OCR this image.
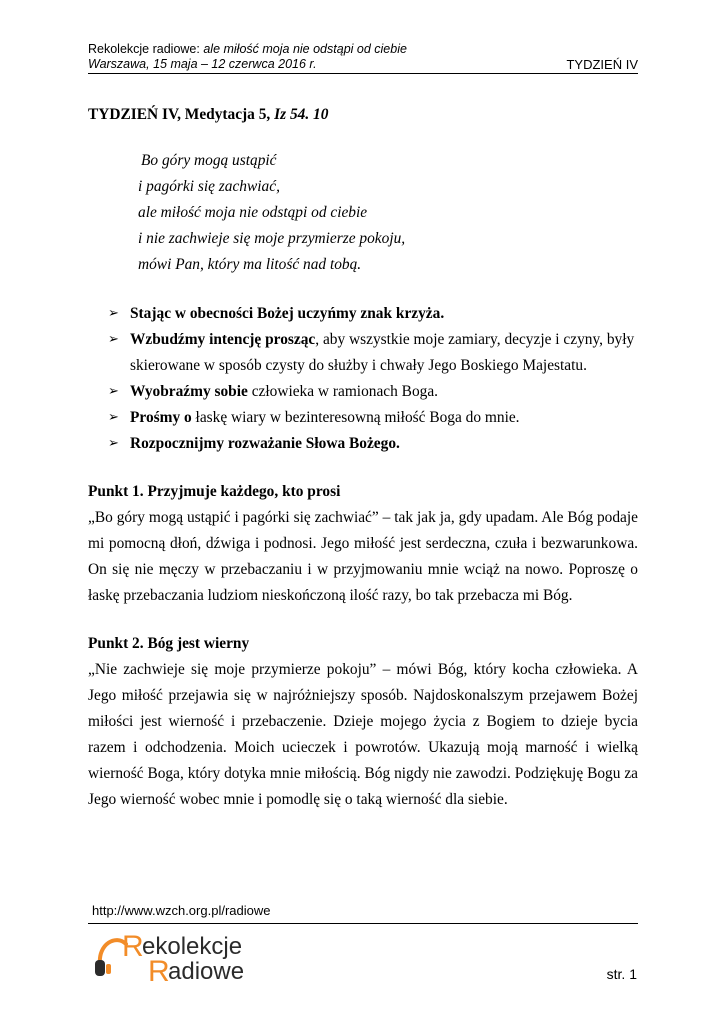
Rekolekcje radiowe: ale miłość moja nie odstąpi od ciebie
Warszawa, 15 maja – 12 czerwca 2016 r.	TYDZIEŃ IV

TYDZIEŃ IV, Medytacja 5, Iz 54. 10

Bo góry mogą ustąpić
i pagórki się zachwiać,
ale miłość moja nie odstąpi od ciebie
i nie zachwieje się moje przymierze pokoju,
mówi Pan, który ma litość nad tobą.
➢ Stając w obecności Bożej uczyńmy znak krzyża.
➢ Wzbudźmy intencję prosząc, aby wszystkie moje zamiary, decyzje i czyny, były skierowane w sposób czysty do służby i chwały Jego Boskiego Majestatu.
➢ Wyobraźmy sobie człowieka w ramionach Boga.
➢ Prośmy o łaskę wiary w bezinteresowną miłość Boga do mnie.
➢ Rozpocznijmy rozważanie Słowa Bożego.
Punkt 1. Przyjmuje każdego, kto prosi

„Bo góry mogą ustąpić i pagórki się zachwiać” – tak jak ja, gdy upadam. Ale Bóg podaje mi pomocną dłoń, dźwiga i podnosi. Jego miłość jest serdeczna, czuła i bezwarunkowa. On się nie męczy w przebaczaniu i w przyjmowaniu mnie wciąż na nowo. Poproszę o łaskę przebaczania ludziom nieskończoną ilość razy, bo tak przebacza mi Bóg.

Punkt 2. Bóg jest wierny

„Nie zachwieje się moje przymierze pokoju” – mówi Bóg, który kocha człowieka. A Jego miłość przejawia się w najróżniejszy sposób. Najdoskonalszym przejawem Bożej miłości jest wierność i przebaczenie. Dzieje mojego życia z Bogiem to dzieje bycia razem i odchodzenia. Moich ucieczek i powrotów. Ukazują moją marność i wielką wierność Boga, który dotyka mnie miłością. Bóg nigdy nie zawodzi. Podziękuję Bogu za Jego wierność wobec mnie i pomodlę się o taką wierność dla siebie.

http://www.wzch.org.pl/radiowe
R
ekolekcje
R
adiowe	str. 1
